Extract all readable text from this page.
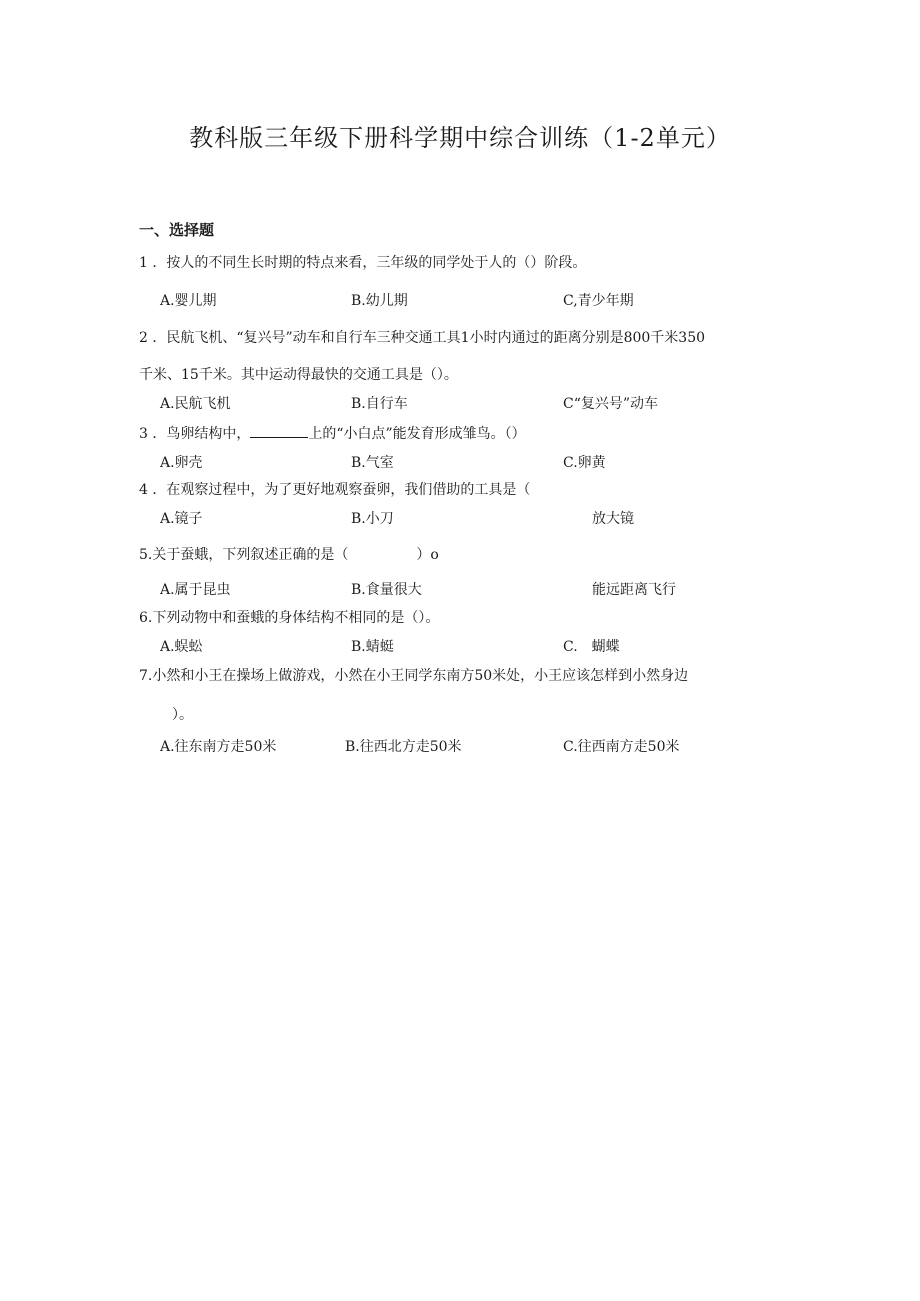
教科版三年级下册科学期中综合训练（1-2单元）
一、选择题
1 ．按人的不同生长时期的特点来看，三年级的同学处于人的（）阶段。
A.婴儿期	B.幼儿期	C,青少年期
2 ．民航飞机、“复兴号”动车和自行车三种交通工具1小时内通过的距离分别是800千米350
千米、15千米。其中运动得最快的交通工具是（）。
A.民航飞机	B.自行车	C“复兴号”动车
3 ．鸟卵结构中，	上的“小白点”能发育形成雏鸟。（）
A.卵壳	B.气室	C.卵黄
4 ．在观察过程中，为了更好地观察蚕卵，我们借助的工具是（
A.镜子	B.小刀	放大镜
5.关于蚕蛾，下列叙述正确的是（	）o
A.属于昆虫	B.食量很大	能远距离飞行
6.下列动物中和蚕蛾的身体结构不相同的是（）。
A.蜈蚣	B.蜻蜓	C.　蝴蝶
7.小然和小王在操场上做游戏，小然在小王同学东南方50米处，小王应该怎样到小然身边
）。
A.往东南方走50米	B.往西北方走50米	C.往西南方走50米
